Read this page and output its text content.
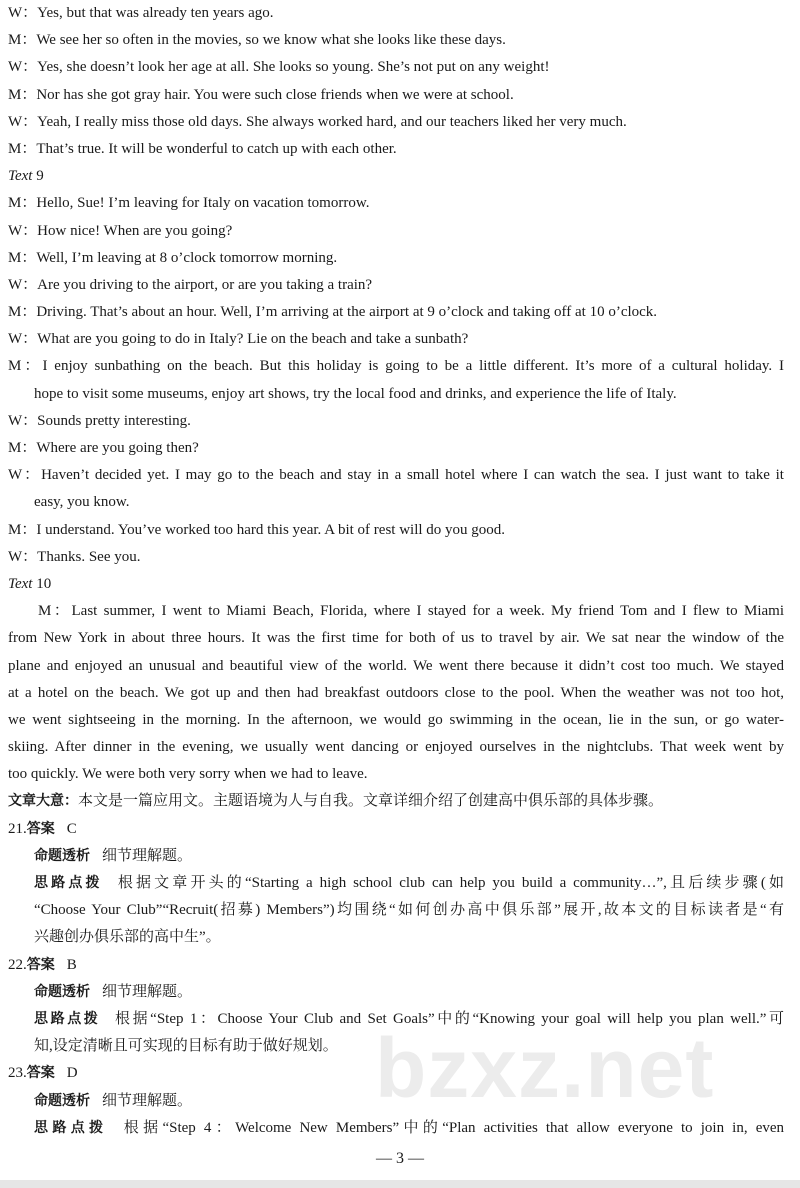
bzxz.net
W：Yes, but that was already ten years ago.
M：We see her so often in the movies, so we know what she looks like these days.
W：Yes, she doesn’t look her age at all. She looks so young. She’s not put on any weight!
M：Nor has she got gray hair. You were such close friends when we were at school.
W：Yeah, I really miss those old days. She always worked hard, and our teachers liked her very much.
M：That’s true. It will be wonderful to catch up with each other.
Text 9
M：Hello, Sue! I’m leaving for Italy on vacation tomorrow.
W：How nice! When are you going?
M：Well, I’m leaving at 8 o’clock tomorrow morning.
W：Are you driving to the airport, or are you taking a train?
M：Driving. That’s about an hour. Well, I’m arriving at the airport at 9 o’clock and taking off at 10 o’clock.
W：What are you going to do in Italy? Lie on the beach and take a sunbath?
M：I enjoy sunbathing on the beach. But this holiday is going to be a little different. It’s more of a cultural holiday. I
hope to visit some museums, enjoy art shows, try the local food and drinks, and experience the life of Italy.
W：Sounds pretty interesting.
M：Where are you going then?
W：Haven’t decided yet. I may go to the beach and stay in a small hotel where I can watch the sea. I just want to take it
easy, you know.
M：I understand. You’ve worked too hard this year. A bit of rest will do you good.
W：Thanks. See you.
Text 10
M：Last summer, I went to Miami Beach, Florida, where I stayed for a week. My friend Tom and I flew to Miami
from New York in about three hours. It was the first time for both of us to travel by air. We sat near the window of the
plane and enjoyed an unusual and beautiful view of the world. We went there because it didn’t cost too much. We stayed
at a hotel on the beach. We got up and then had breakfast outdoors close to the pool. When the weather was not too hot,
we went sightseeing in the morning. In the afternoon, we would go swimming in the ocean, lie in the sun, or go water-
skiing. After dinner in the evening, we usually went dancing or enjoyed ourselves in the nightclubs. That week went by
too quickly. We were both very sorry when we had to leave.
文章大意：本文是一篇应用文。主题语境为人与自我。文章详细介绍了创建高中俱乐部的具体步骤。
21.答案 C
命题透析 细节理解题。
思路点拨 根据文章开头的“Starting a high school club can help you build a community…”,且后续步骤(如
“Choose Your Club”“Recruit(招募) Members”)均围绕“如何创办高中俱乐部”展开,故本文的目标读者是“有
兴趣创办俱乐部的高中生”。
22.答案 B
命题透析 细节理解题。
思路点拨 根据“Step 1：Choose Your Club and Set Goals”中的“Knowing your goal will help you plan well.”可
知,设定清晰且可实现的目标有助于做好规划。
23.答案 D
命题透析 细节理解题。
思路点拨 根据“Step 4：Welcome New Members”中的“Plan activities that allow everyone to join in, even
— 3 —
